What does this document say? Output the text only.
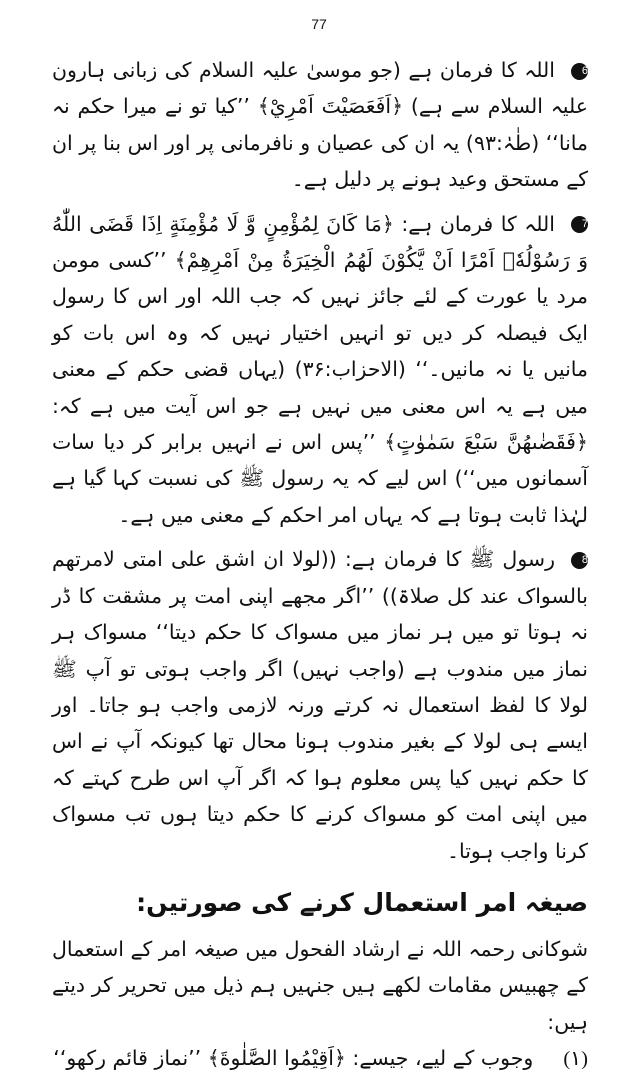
77

6اللہ کا فرمان ہے (جو موسیٰ علیہ السلام کی زبانی ہارون علیہ السلام سے ہے) ﴿اَفَعَصَيْتَ اَمْرِيْ﴾ ’’کیا تو نے میرا حکم نہ مانا‘‘ (طٰہٰ:۹۳) یہ ان کی عصیان و نافرمانی پر اور اس بنا پر ان کے مستحق وعید ہونے پر دلیل ہے۔

7اللہ کا فرمان ہے: ﴿مَا كَانَ لِمُؤْمِنٍ وَّ لَا مُؤْمِنَةٍ اِذَا قَضَى اللّٰهُ وَ رَسُوْلُهٗۤ اَمْرًا اَنْ يَّكُوْنَ لَهُمُ الْخِيَرَةُ مِنْ اَمْرِهِمْ﴾ ’’کسی مومن مرد یا عورت کے لئے جائز نہیں کہ جب اللہ اور اس کا رسول ایک فیصلہ کر دیں تو انہیں اختیار نہیں کہ وہ اس بات کو مانیں یا نہ مانیں۔‘‘ (الاحزاب:۳۶) (یہاں قضی حکم کے معنی میں ہے یہ اس معنی میں نہیں ہے جو اس آیت میں ہے کہ: ﴿فَقَضٰىهُنَّ سَبْعَ سَمٰوٰتٍ﴾ ’’پس اس نے انہیں برابر کر دیا سات آسمانوں میں‘‘) اس لیے کہ یہ رسول ﷺ کی نسبت کہا گیا ہے لہٰذا ثابت ہوتا ہے کہ یہاں امر احکم کے معنی میں ہے۔

8رسول ﷺ کا فرمان ہے: ((لولا ان اشق علی امتی لامرتھم بالسواک عند کل صلاۃ)) ’’اگر مجھے اپنی امت پر مشقت کا ڈر نہ ہوتا تو میں ہر نماز میں مسواک کا حکم دیتا‘‘ مسواک ہر نماز میں مندوب ہے (واجب نہیں) اگر واجب ہوتی تو آپ ﷺ لولا کا لفظ استعمال نہ کرتے ورنہ لازمی واجب ہو جاتا۔ اور ایسے ہی لولا کے بغیر مندوب ہونا محال تھا کیونکہ آپ نے اس کا حکم نہیں کیا پس معلوم ہوا کہ اگر آپ اس طرح کہتے کہ میں اپنی امت کو مسواک کرنے کا حکم دیتا ہوں تب مسواک کرنا واجب ہوتا۔

صیغہ امر استعمال کرنے کی صورتیں:

شوکانی رحمہ اللہ نے ارشاد الفحول میں صیغہ امر کے استعمال کے چھبیس مقامات لکھے ہیں جنہیں ہم ذیل میں تحریر کر دیتے ہیں:

(۱)وجوب کے لیے، جیسے: ﴿اَقِيْمُوا الصَّلٰوةَ﴾ ’’نماز قائم رکھو‘‘
